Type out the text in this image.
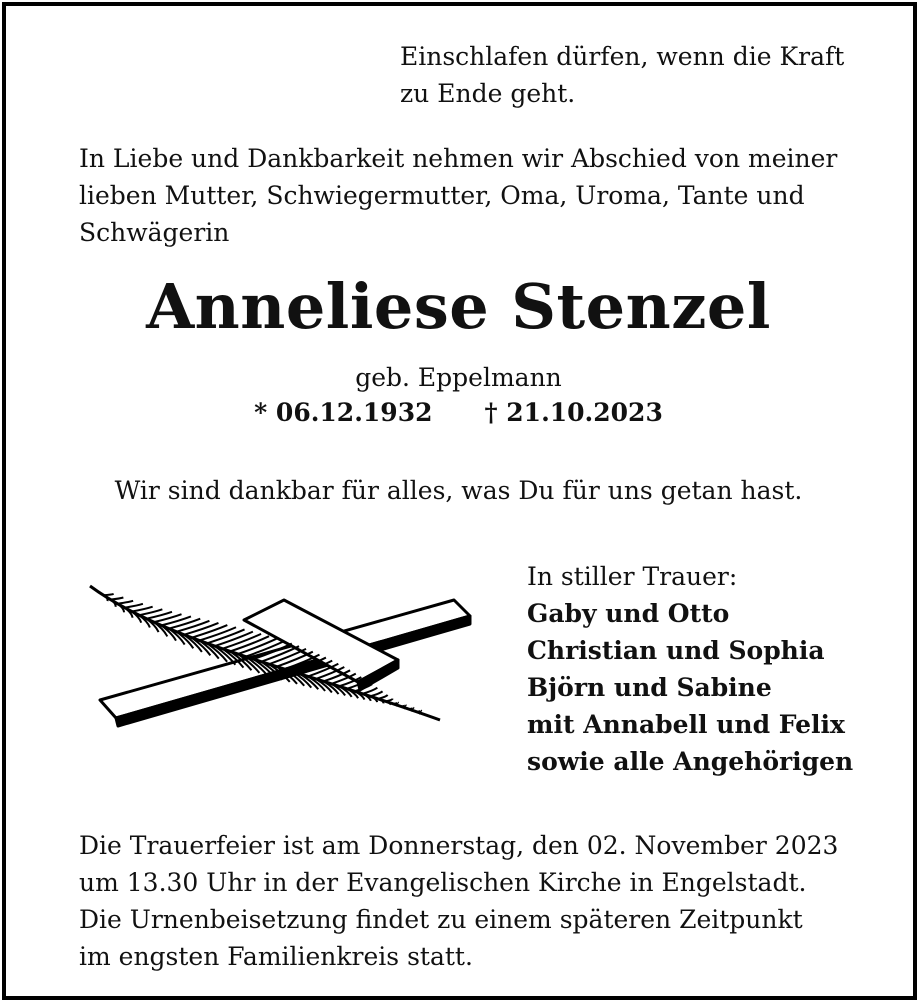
Einschlafen dürfen, wenn die Kraft
zu Ende geht.
In Liebe und Dankbarkeit nehmen wir Abschied von meiner
lieben Mutter, Schwiegermutter, Oma, Uroma, Tante und
Schwägerin
Anneliese Stenzel
geb. Eppelmann
* 06.12.1932 † 21.10.2023
Wir sind dankbar für alles, was Du für uns getan hast.
In stiller Trauer:
Gaby und Otto
Christian und Sophia
Björn und Sabine
mit Annabell und Felix
sowie alle Angehörigen
Die Trauerfeier ist am Donnerstag, den 02. November 2023
um 13.30 Uhr in der Evangelischen Kirche in Engelstadt.
Die Urnenbeisetzung findet zu einem späteren Zeitpunkt
im engsten Familienkreis statt.
